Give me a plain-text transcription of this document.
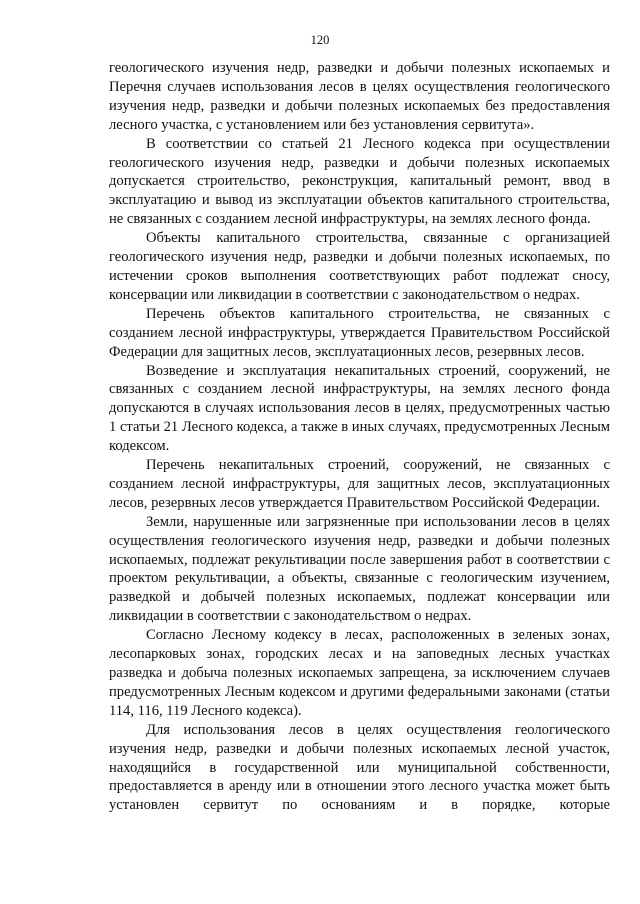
120

геологического изучения недр, разведки и добычи полезных ископаемых и Перечня случаев использования лесов в целях осуществления геологического изучения недр, разведки и добычи полезных ископаемых без предоставления лесного участка, с установлением или без установления сервитута».

В соответствии со статьей 21 Лесного кодекса при осуществлении геологического изучения недр, разведки и добычи полезных ископаемых допускается строительство, реконструкция, капитальный ремонт, ввод в эксплуатацию и вывод из эксплуатации объектов капитального строительства, не связанных с созданием лесной инфраструктуры, на землях лесного фонда.

Объекты капитального строительства, связанные с организацией геологического изучения недр, разведки и добычи полезных ископаемых, по истечении сроков выполнения соответствующих работ подлежат сносу, консервации или ликвидации в соответствии с законодательством о недрах.

Перечень объектов капитального строительства, не связанных с созданием лесной инфраструктуры, утверждается Правительством Российской Федерации для защитных лесов, эксплуатационных лесов, резервных лесов.

Возведение и эксплуатация некапитальных строений, сооружений, не связанных с созданием лесной инфраструктуры, на землях лесного фонда допускаются в случаях использования лесов в целях, предусмотренных частью 1 статьи 21 Лесного кодекса, а также в иных случаях, предусмотренных Лесным кодексом.

Перечень некапитальных строений, сооружений, не связанных с созданием лесной инфраструктуры, для защитных лесов, эксплуатационных лесов, резервных лесов утверждается Правительством Российской Федерации.

Земли, нарушенные или загрязненные при использовании лесов в целях осуществления геологического изучения недр, разведки и добычи полезных ископаемых, подлежат рекультивации после завершения работ в соответствии с проектом рекультивации, а объекты, связанные с геологическим изучением, разведкой и добычей полезных ископаемых, подлежат консервации или ликвидации в соответствии с законодательством о недрах.

Согласно Лесному кодексу в лесах, расположенных в зеленых зонах, лесопарковых зонах, городских лесах и на заповедных лесных участках разведка и добыча полезных ископаемых запрещена, за исключением случаев предусмотренных Лесным кодексом и другими федеральными законами (статьи 114, 116, 119 Лесного кодекса).

Для использования лесов в целях осуществления геологического изучения недр, разведки и добычи полезных ископаемых лесной участок, находящийся в государственной или муниципальной собственности, предоставляется в аренду или в отношении этого лесного участка может быть установлен сервитут по основаниям и в порядке, которые
